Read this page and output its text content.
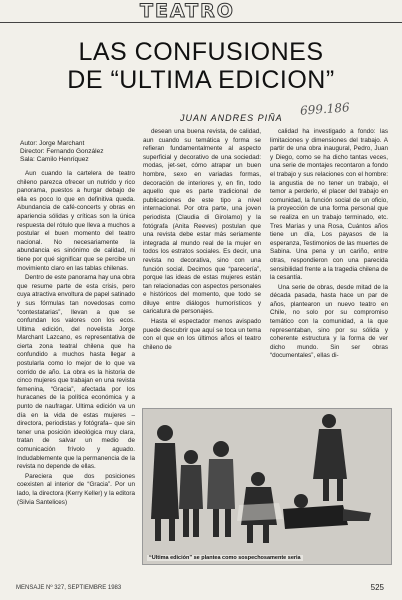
TEATRO
LAS CONFUSIONES
DE “ULTIMA EDICION”
699.186
JUAN ANDRES PIÑA
Autor: Jorge Marchant
Director: Fernando González
Sala: Camilo Henríquez

Aun cuando la cartelera de teatro chileno parezca ofrecer un nutrido y rico panorama, puestos a hurgar debajo de ella es poco lo que en definitiva queda. Abundancia de café-concerts y obras en apariencia sólidas y críticas son la única respuesta del rótulo que lleva a muchos a postular el buen momento del teatro nacional. No necesariamente la abundancia es sinónimo de calidad, ni tiene por qué significar que se percibe un movimiento claro en las tablas chilenas.

Dentro de este panorama hay una obra que resume parte de esta crisis, pero cuya atractiva envoltura de papel satinado y sus fórmulas tan novedosas como “contestatarias”, llevan a que se confundan los valores con los ecos. Ultima edición, del novelista Jorge Marchant Lazcano, es representativa de cierta zona teatral chilena que ha confundido a muchos hasta llegar a postularla como lo mejor de lo que va corrido de año. La obra es la historia de cinco mujeres que trabajan en una revista femenina, “Gracia”, afectada por los huracanes de la política económica y a punto de naufragar. Ultima edición va un día en la vida de estas mujeres –directora, periodistas y fotógrafa– que sin tener una posición ideológica muy clara, tratan de salvar un medio de comunicación frívolo y aguado. Indudablemente que la permanencia de la revista no depende de ellas.

Pareciera que dos posiciones coexisten al interior de “Gracia”. Por un lado, la directora (Kerry Keller) y la editora (Silvia Santelices)

desean una buena revista, de calidad, aun cuando su temática y forma se refieran fundamentalmente al aspecto superficial y decorativo de una sociedad: modas, jet-set, cómo atrapar un buen hombre, sexo en variadas formas, decoración de interiores y, en fin, todo aquello que es parte tradicional de publicaciones de este tipo a nivel internacional. Por otra parte, una joven periodista (Claudia di Girolamo) y la fotógrafa (Anita Reeves) postulan que una revista debe estar más seriamente integrada al mundo real de la mujer en todos los estratos sociales. Es decir, una revista no decorativa, sino con una función social. Decimos que “parecería”, porque las ideas de estas mujeres están tan relacionadas con aspectos personales e históricos del momento, que todo se diluye entre diálogos humorísticos y caricatura de personajes.

Hasta el espectador menos avispado puede descubrir que aquí se toca un tema con el que en los últimos años el teatro chileno de

calidad ha investigado a fondo: las limitaciones y dimensiones del trabajo. A partir de una obra inaugural, Pedro, Juan y Diego, como se ha dicho tantas veces, una serie de montajes recontaron a fondo el trabajo y sus relaciones con el hombre: la angustia de no tener un trabajo, el temor a perderlo, el placer del trabajo en comunidad, la función social de un oficio, la proyección de una forma personal que se realiza en un trabajo terminado, etc. Tres Marías y una Rosa, Cuántos años tiene un día, Los payasos de la esperanza, Testimonios de las muertes de Sabina. Una pena y un cariño, entre otras, respondieron con una parecida sensibilidad frente a la tragedia chilena de la cesantía.

Una serie de obras, desde mitad de la década pasada, hasta hace un par de años, plantearon un nuevo teatro en Chile, no solo por su compromiso temático con la comunidad, a la que representaban, sino por su sólida y coherente estructura y la forma de ver dicho mundo. Sin ser obras “documentales”, ellas di-

“Ultima edición” se plantea como sospechosamente seria
MENSAJE Nº 327, SEPTIEMBRE 1983	525
